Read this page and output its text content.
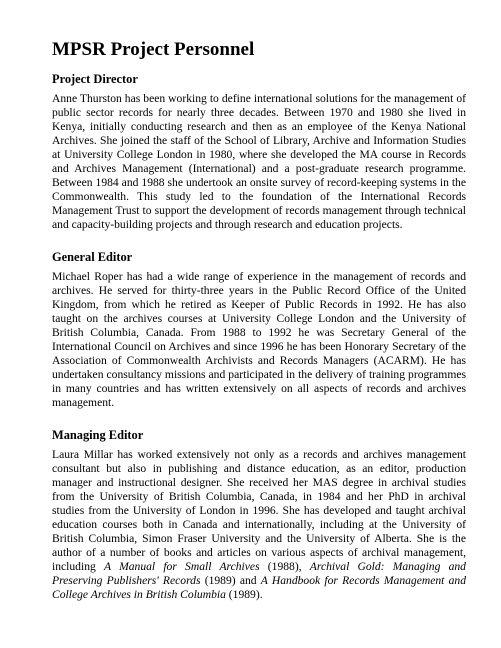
MPSR Project Personnel
Project Director

Anne Thurston has been working to define international solutions for the management of public sector records for nearly three decades. Between 1970 and 1980 she lived in Kenya, initially conducting research and then as an employee of the Kenya National Archives. She joined the staff of the School of Library, Archive and Information Studies at University College London in 1980, where she developed the MA course in Records and Archives Management (International) and a post-graduate research programme. Between 1984 and 1988 she undertook an onsite survey of record-keeping systems in the Commonwealth. This study led to the foundation of the International Records Management Trust to support the development of records management through technical and capacity-building projects and through research and education projects.

General Editor

Michael Roper has had a wide range of experience in the management of records and archives. He served for thirty-three years in the Public Record Office of the United Kingdom, from which he retired as Keeper of Public Records in 1992. He has also taught on the archives courses at University College London and the University of British Columbia, Canada. From 1988 to 1992 he was Secretary General of the International Council on Archives and since 1996 he has been Honorary Secretary of the Association of Commonwealth Archivists and Records Managers (ACARM). He has undertaken consultancy missions and participated in the delivery of training programmes in many countries and has written extensively on all aspects of records and archives management.

Managing Editor

Laura Millar has worked extensively not only as a records and archives management consultant but also in publishing and distance education, as an editor, production manager and instructional designer. She received her MAS degree in archival studies from the University of British Columbia, Canada, in 1984 and her PhD in archival studies from the University of London in 1996. She has developed and taught archival education courses both in Canada and internationally, including at the University of British Columbia, Simon Fraser University and the University of Alberta. She is the author of a number of books and articles on various aspects of archival management, including A Manual for Small Archives (1988), Archival Gold: Managing and Preserving Publishers' Records (1989) and A Handbook for Records Management and College Archives in British Columbia (1989).
